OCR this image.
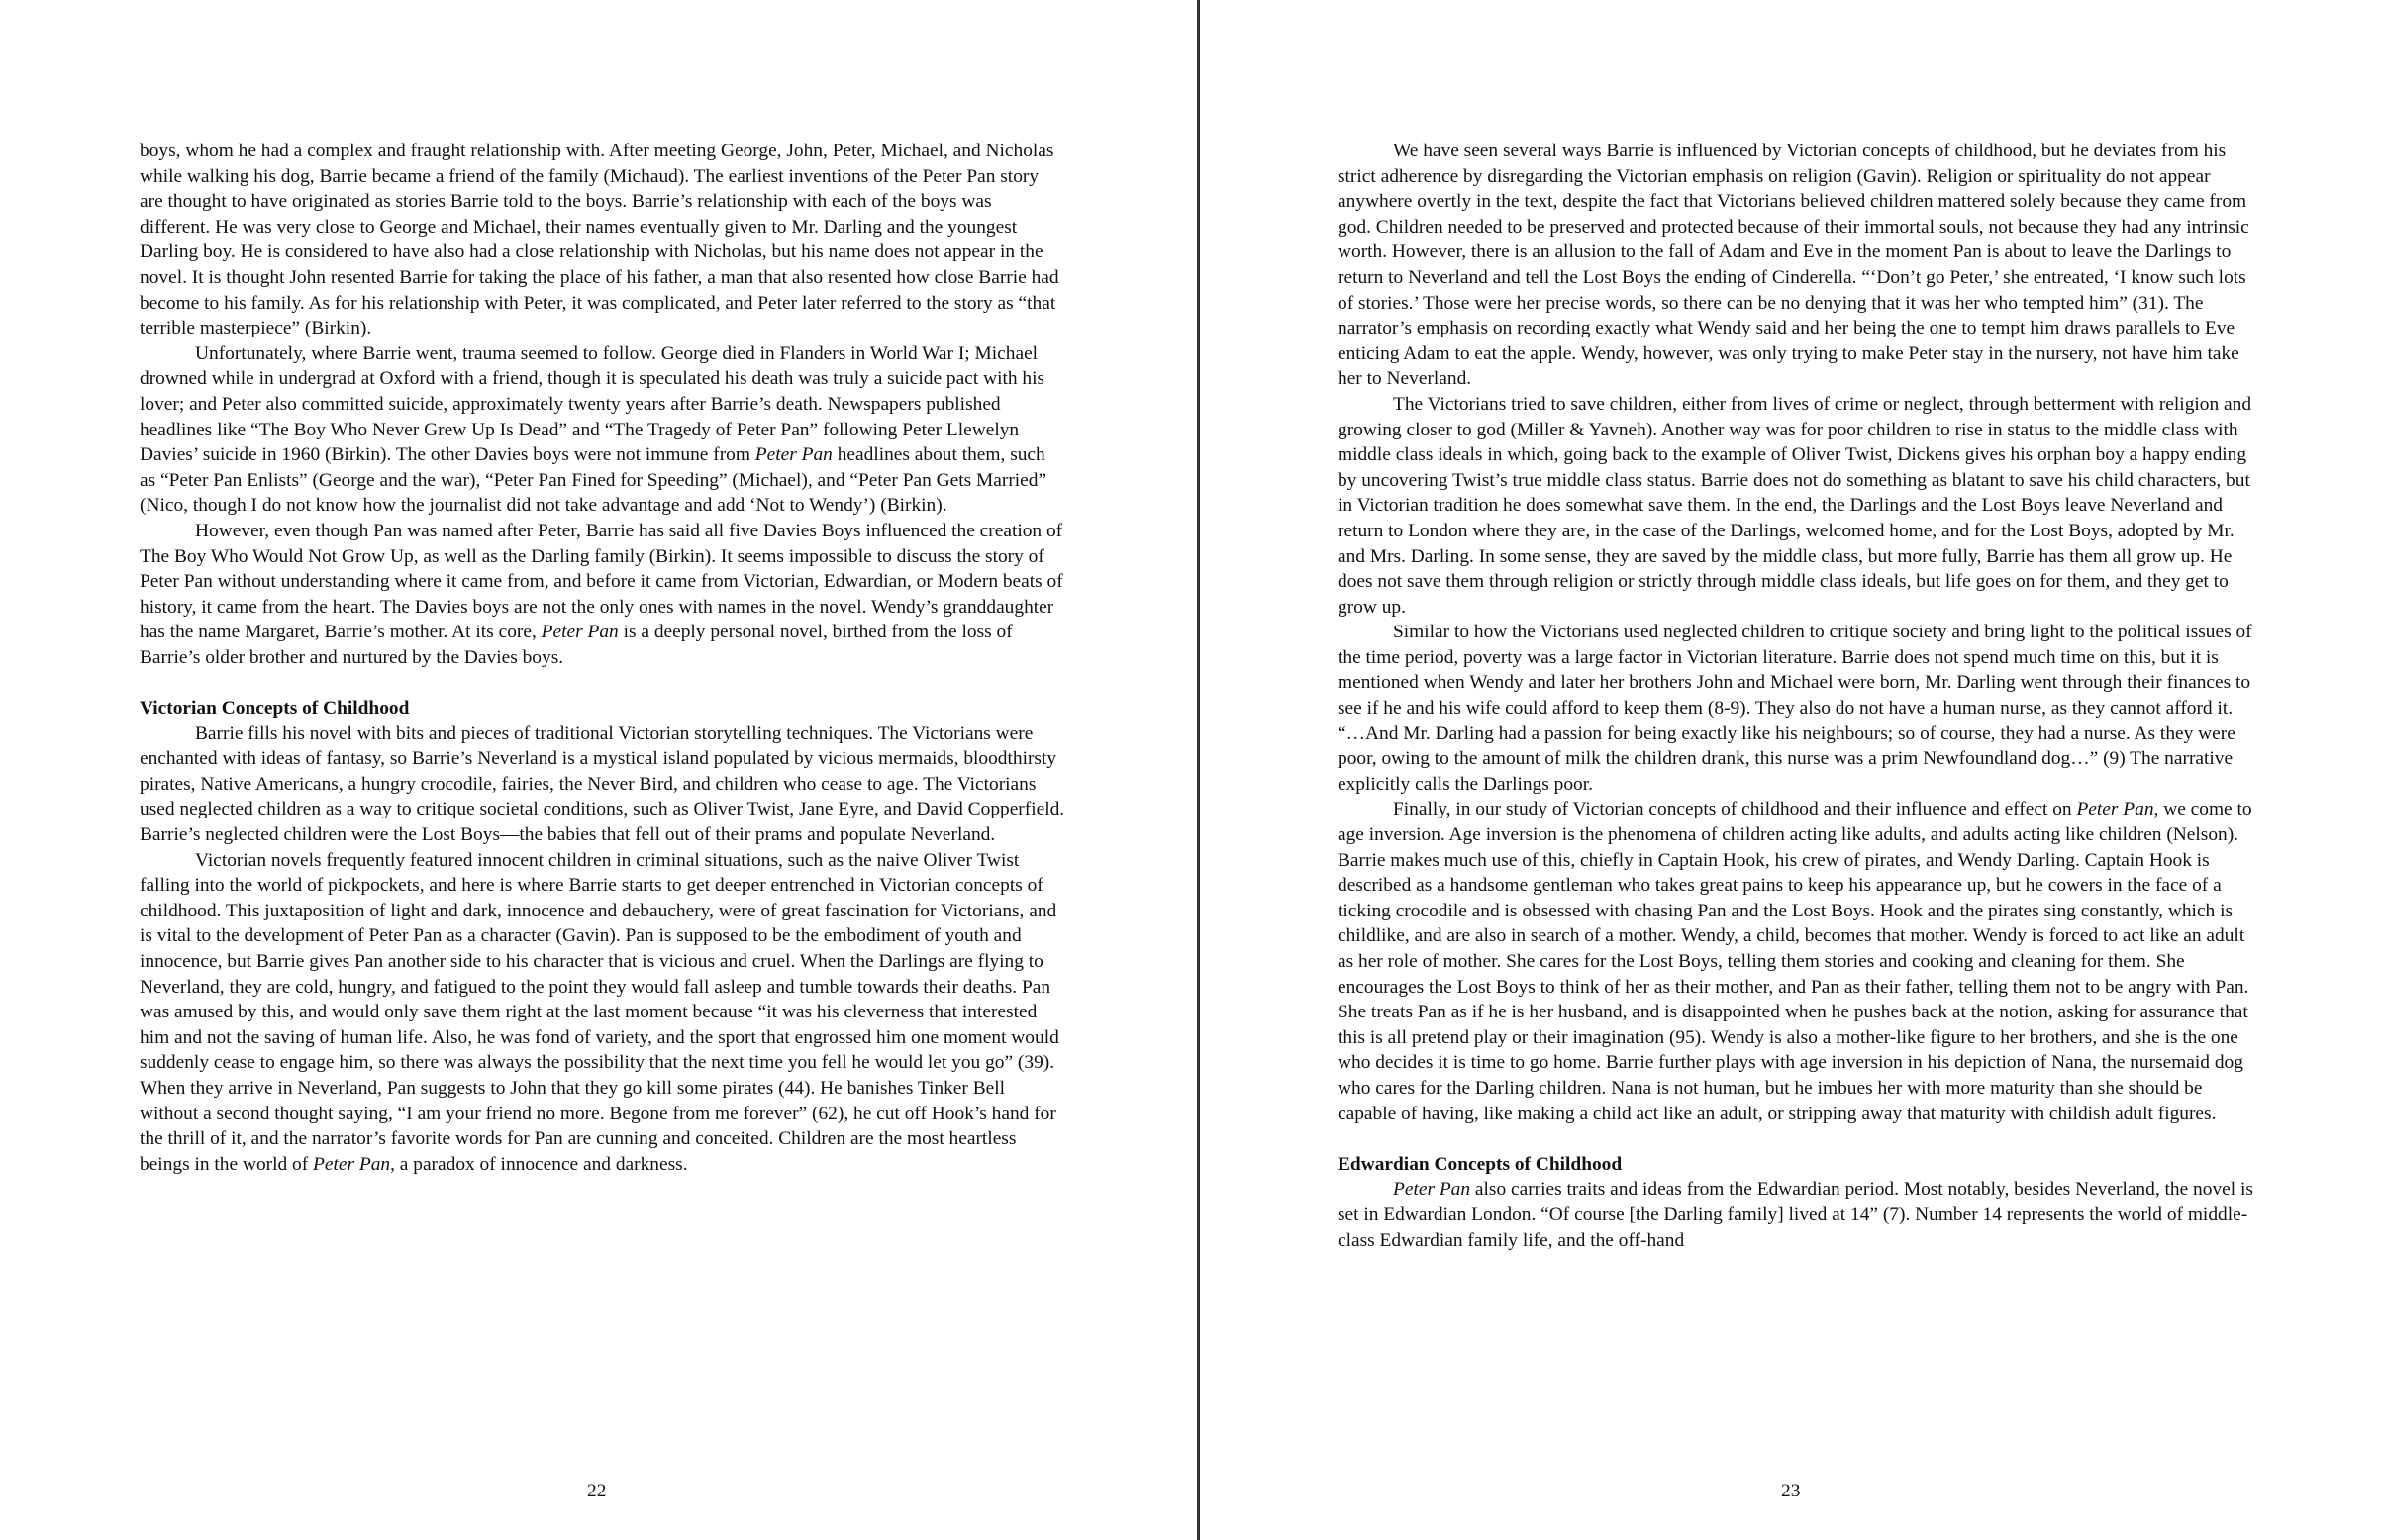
boys, whom he had a complex and fraught relationship with. After meeting George, John, Peter, Michael, and Nicholas while walking his dog, Barrie became a friend of the family (Michaud). The earliest inventions of the Peter Pan story are thought to have originated as stories Barrie told to the boys. Barrie’s relationship with each of the boys was different. He was very close to George and Michael, their names eventually given to Mr. Darling and the youngest Darling boy. He is considered to have also had a close relationship with Nicholas, but his name does not appear in the novel. It is thought John resented Barrie for taking the place of his father, a man that also resented how close Barrie had become to his family. As for his relationship with Peter, it was complicated, and Peter later referred to the story as “that terrible masterpiece” (Birkin).

Unfortunately, where Barrie went, trauma seemed to follow. George died in Flanders in World War I; Michael drowned while in undergrad at Oxford with a friend, though it is speculated his death was truly a suicide pact with his lover; and Peter also committed suicide, approximately twenty years after Barrie’s death. Newspapers published headlines like “The Boy Who Never Grew Up Is Dead” and “The Tragedy of Peter Pan” following Peter Llewelyn Davies’ suicide in 1960 (Birkin). The other Davies boys were not immune from Peter Pan headlines about them, such as “Peter Pan Enlists” (George and the war), “Peter Pan Fined for Speeding” (Michael), and “Peter Pan Gets Married” (Nico, though I do not know how the journalist did not take advantage and add ‘Not to Wendy’) (Birkin).

However, even though Pan was named after Peter, Barrie has said all five Davies Boys influenced the creation of The Boy Who Would Not Grow Up, as well as the Darling family (Birkin). It seems impossible to discuss the story of Peter Pan without understanding where it came from, and before it came from Victorian, Edwardian, or Modern beats of history, it came from the heart. The Davies boys are not the only ones with names in the novel. Wendy’s granddaughter has the name Margaret, Barrie’s mother. At its core, Peter Pan is a deeply personal novel, birthed from the loss of Barrie’s older brother and nurtured by the Davies boys.

Victorian Concepts of Childhood

Barrie fills his novel with bits and pieces of traditional Victorian storytelling techniques. The Victorians were enchanted with ideas of fantasy, so Barrie’s Neverland is a mystical island populated by vicious mermaids, bloodthirsty pirates, Native Americans, a hungry crocodile, fairies, the Never Bird, and children who cease to age. The Victorians used neglected children as a way to critique societal conditions, such as Oliver Twist, Jane Eyre, and David Copperfield. Barrie’s neglected children were the Lost Boys—the babies that fell out of their prams and populate Neverland.

Victorian novels frequently featured innocent children in criminal situations, such as the naive Oliver Twist falling into the world of pickpockets, and here is where Barrie starts to get deeper entrenched in Victorian concepts of childhood. This juxtaposition of light and dark, innocence and debauchery, were of great fascination for Victorians, and is vital to the development of Peter Pan as a character (Gavin). Pan is supposed to be the embodiment of youth and innocence, but Barrie gives Pan another side to his character that is vicious and cruel. When the Darlings are flying to Neverland, they are cold, hungry, and fatigued to the point they would fall asleep and tumble towards their deaths. Pan was amused by this, and would only save them right at the last moment because “it was his cleverness that interested him and not the saving of human life. Also, he was fond of variety, and the sport that engrossed him one moment would suddenly cease to engage him, so there was always the possibility that the next time you fell he would let you go” (39). When they arrive in Neverland, Pan suggests to John that they go kill some pirates (44). He banishes Tinker Bell without a second thought saying, “I am your friend no more. Begone from me forever” (62), he cut off Hook’s hand for the thrill of it, and the narrator’s favorite words for Pan are cunning and conceited. Children are the most heartless beings in the world of Peter Pan, a paradox of innocence and darkness.

22

We have seen several ways Barrie is influenced by Victorian concepts of childhood, but he deviates from his strict adherence by disregarding the Victorian emphasis on religion (Gavin). Religion or spirituality do not appear anywhere overtly in the text, despite the fact that Victorians believed children mattered solely because they came from god. Children needed to be preserved and protected because of their immortal souls, not because they had any intrinsic worth. However, there is an allusion to the fall of Adam and Eve in the moment Pan is about to leave the Darlings to return to Neverland and tell the Lost Boys the ending of Cinderella. “‘Don’t go Peter,’ she entreated, ‘I know such lots of stories.’ Those were her precise words, so there can be no denying that it was her who tempted him” (31). The narrator’s emphasis on recording exactly what Wendy said and her being the one to tempt him draws parallels to Eve enticing Adam to eat the apple. Wendy, however, was only trying to make Peter stay in the nursery, not have him take her to Neverland.

The Victorians tried to save children, either from lives of crime or neglect, through betterment with religion and growing closer to god (Miller & Yavneh). Another way was for poor children to rise in status to the middle class with middle class ideals in which, going back to the example of Oliver Twist, Dickens gives his orphan boy a happy ending by uncovering Twist’s true middle class status. Barrie does not do something as blatant to save his child characters, but in Victorian tradition he does somewhat save them. In the end, the Darlings and the Lost Boys leave Neverland and return to London where they are, in the case of the Darlings, welcomed home, and for the Lost Boys, adopted by Mr. and Mrs. Darling. In some sense, they are saved by the middle class, but more fully, Barrie has them all grow up. He does not save them through religion or strictly through middle class ideals, but life goes on for them, and they get to grow up.

Similar to how the Victorians used neglected children to critique society and bring light to the political issues of the time period, poverty was a large factor in Victorian literature. Barrie does not spend much time on this, but it is mentioned when Wendy and later her brothers John and Michael were born, Mr. Darling went through their finances to see if he and his wife could afford to keep them (8-9). They also do not have a human nurse, as they cannot afford it. “…And Mr. Darling had a passion for being exactly like his neighbours; so of course, they had a nurse. As they were poor, owing to the amount of milk the children drank, this nurse was a prim Newfoundland dog…” (9) The narrative explicitly calls the Darlings poor.

Finally, in our study of Victorian concepts of childhood and their influence and effect on Peter Pan, we come to age inversion. Age inversion is the phenomena of children acting like adults, and adults acting like children (Nelson). Barrie makes much use of this, chiefly in Captain Hook, his crew of pirates, and Wendy Darling. Captain Hook is described as a handsome gentleman who takes great pains to keep his appearance up, but he cowers in the face of a ticking crocodile and is obsessed with chasing Pan and the Lost Boys. Hook and the pirates sing constantly, which is childlike, and are also in search of a mother. Wendy, a child, becomes that mother. Wendy is forced to act like an adult as her role of mother. She cares for the Lost Boys, telling them stories and cooking and cleaning for them. She encourages the Lost Boys to think of her as their mother, and Pan as their father, telling them not to be angry with Pan. She treats Pan as if he is her husband, and is disappointed when he pushes back at the notion, asking for assurance that this is all pretend play or their imagination (95). Wendy is also a mother-like figure to her brothers, and she is the one who decides it is time to go home. Barrie further plays with age inversion in his depiction of Nana, the nursemaid dog who cares for the Darling children. Nana is not human, but he imbues her with more maturity than she should be capable of having, like making a child act like an adult, or stripping away that maturity with childish adult figures.

Edwardian Concepts of Childhood

Peter Pan also carries traits and ideas from the Edwardian period. Most notably, besides Neverland, the novel is set in Edwardian London. “Of course [the Darling family] lived at 14” (7). Number 14 represents the world of middle-class Edwardian family life, and the off-hand

23
